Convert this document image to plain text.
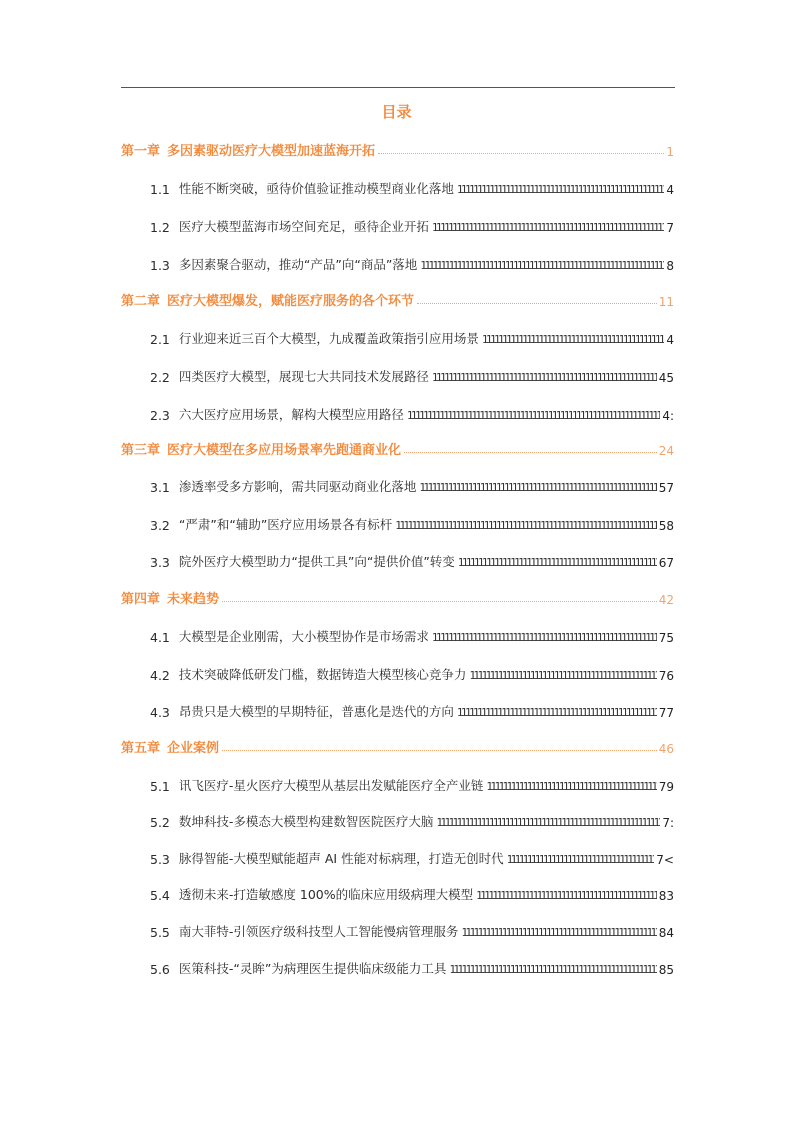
目录
第一章 多因素驱动医疗大模型加速蓝海开拓	1
1.1 性能不断突破，亟待价值验证推动模型商业化落地 11111111111111111111111111111111111111111111111111111111111111111111111111111111	4
1.2 医疗大模型蓝海市场空间充足，亟待企业开拓 11111111111111111111111111111111111111111111111111111111111111111111111111111111	7
1.3 多因素聚合驱动，推动“产品”向“商品”落地 11111111111111111111111111111111111111111111111111111111111111111111111111111111	8
第二章 医疗大模型爆发，赋能医疗服务的各个环节	11
2.1 行业迎来近三百个大模型，九成覆盖政策指引应用场景 11111111111111111111111111111111111111111111111111111111111111111111111111111111	4
2.2 四类医疗大模型，展现七大共同技术发展路径 11111111111111111111111111111111111111111111111111111111111111111111111111111111	45
2.3 六大医疗应用场景，解构大模型应用路径 11111111111111111111111111111111111111111111111111111111111111111111111111111111	4:
第三章 医疗大模型在多应用场景率先跑通商业化	24
3.1 渗透率受多方影响，需共同驱动商业化落地 11111111111111111111111111111111111111111111111111111111111111111111111111111111	57
3.2 “严肃”和“辅助”医疗应用场景各有标杆 11111111111111111111111111111111111111111111111111111111111111111111111111111111	58
3.3 院外医疗大模型助力“提供工具”向“提供价值”转变 11111111111111111111111111111111111111111111111111111111111111111111111111111111	67
第四章 未来趋势	42
4.1 大模型是企业刚需，大小模型协作是市场需求 11111111111111111111111111111111111111111111111111111111111111111111111111111111	75
4.2 技术突破降低研发门槛，数据铸造大模型核心竞争力 11111111111111111111111111111111111111111111111111111111111111111111111111111111	76
4.3 昂贵只是大模型的早期特征，普惠化是迭代的方向 11111111111111111111111111111111111111111111111111111111111111111111111111111111	77
第五章 企业案例	46
5.1 讯飞医疗-星火医疗大模型从基层出发赋能医疗全产业链 11111111111111111111111111111111111111111111111111111111111111111111111111111111	79
5.2 数坤科技-多模态大模型构建数智医院医疗大脑 11111111111111111111111111111111111111111111111111111111111111111111111111111111	7:
5.3 脉得智能-大模型赋能超声 AI 性能对标病理，打造无创时代 11111111111111111111111111111111111111111111111111111111111111111111111111111111	7<
5.4 透彻未来-打造敏感度 100%的临床应用级病理大模型 11111111111111111111111111111111111111111111111111111111111111111111111111111111	83
5.5 南大菲特-引领医疗级科技型人工智能慢病管理服务 11111111111111111111111111111111111111111111111111111111111111111111111111111111	84
5.6 医策科技-“灵眸”为病理医生提供临床级能力工具 11111111111111111111111111111111111111111111111111111111111111111111111111111111	85
